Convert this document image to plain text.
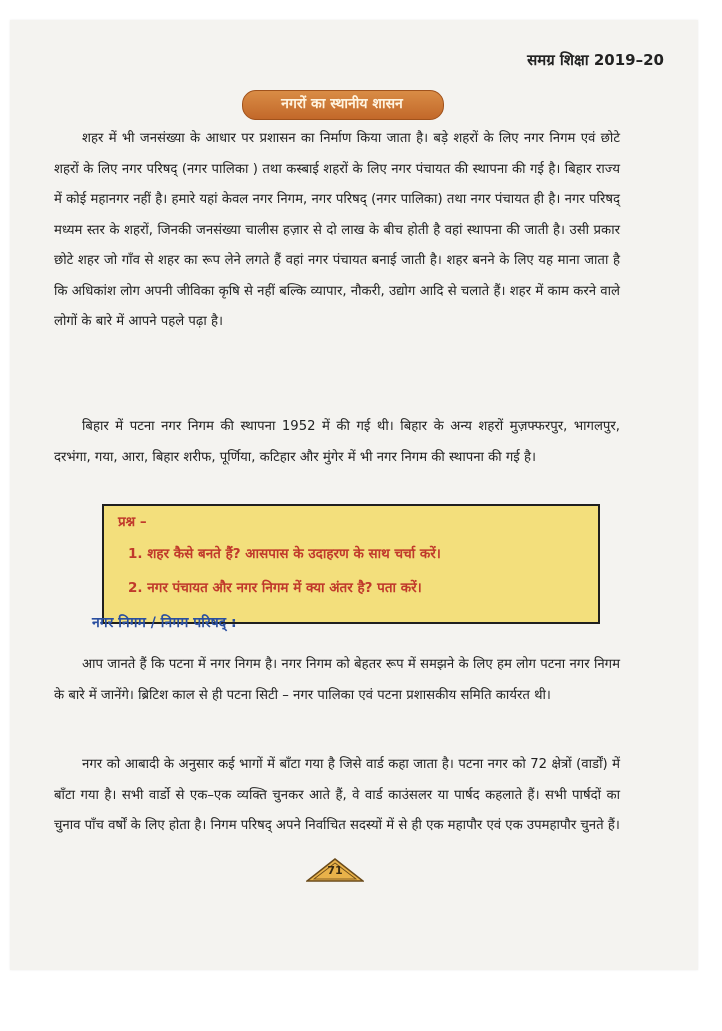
समग्र शिक्षा 2019–20
नगरों का स्थानीय शासन
शहर में भी जनसंख्या के आधार पर प्रशासन का निर्माण किया जाता है। बड़े शहरों के लिए नगर निगम एवं छोटे शहरों के लिए नगर परिषद् (नगर पालिका ) तथा कस्बाई शहरों के लिए नगर पंचायत की स्थापना की गई है। बिहार राज्य में कोई महानगर नहीं है। हमारे यहां केवल नगर निगम, नगर परिषद् (नगर पालिका) तथा नगर पंचायत ही है। नगर परिषद् मध्यम स्तर के शहरों, जिनकी जनसंख्या चालीस हज़ार से दो लाख के बीच होती है वहां स्थापना की जाती है। उसी प्रकार छोटे शहर जो गाँव से शहर का रूप लेने लगते हैं वहां नगर पंचायत बनाई जाती है। शहर बनने के लिए यह माना जाता है कि अधिकांश लोग अपनी जीविका कृषि से नहीं बल्कि व्यापार, नौकरी, उद्योग आदि से चलाते हैं। शहर में काम करने वाले लोगों के बारे में आपने पहले पढ़ा है।
बिहार में पटना नगर निगम की स्थापना 1952 में की गई थी। बिहार के अन्य शहरों मुज़फ्फरपुर, भागलपुर, दरभंगा, गया, आरा, बिहार शरीफ, पूर्णिया, कटिहार और मुंगेर में भी नगर निगम की स्थापना की गई है।
प्रश्न –
1. शहर कैसे बनते हैं? आसपास के उदाहरण के साथ चर्चा करें।
2. नगर पंचायत और नगर निगम में क्या अंतर है? पता करें।
नगर निगम / निगम परिषद् :
आप जानते हैं कि पटना में नगर निगम है। नगर निगम को बेहतर रूप में समझने के लिए हम लोग पटना नगर निगम के बारे में जानेंगे। ब्रिटिश काल से ही पटना सिटी – नगर पालिका एवं पटना प्रशासकीय समिति कार्यरत थी।
नगर को आबादी के अनुसार कई भागों में बाँटा गया है जिसे वार्ड कहा जाता है। पटना नगर को 72 क्षेत्रों (वार्डों) में बाँटा गया है। सभी वार्डो से एक–एक व्यक्ति चुनकर आते हैं, वे वार्ड काउंसलर या पार्षद कहलाते हैं। सभी पार्षदों का चुनाव पाँच वर्षों के लिए होता है। निगम परिषद् अपने निर्वाचित सदस्यों में से ही एक महापौर एवं एक उपमहापौर चुनते हैं।
71
